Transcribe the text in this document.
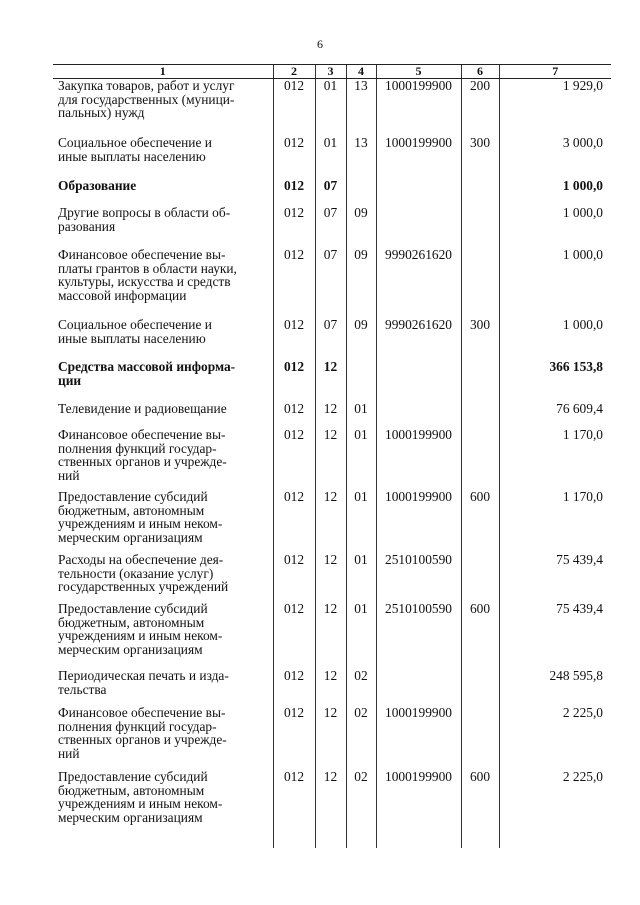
6
1	2	3	4	5	6	7

Закупка товаров, работ и услуг
для государственных (муници-
пальных) нужд	012	01	13	1000199900	200	1 929,0

Социальное обеспечение и
иные выплаты населению	012	01	13	1000199900	300	3 000,0

Образование	012	07				1 000,0

Другие вопросы в области об-
разования	012	07	09			1 000,0

Финансовое обеспечение вы-
платы грантов в области науки,
культуры, искусства и средств
массовой информации	012	07	09	9990261620		1 000,0

Социальное обеспечение и
иные выплаты населению	012	07	09	9990261620	300	1 000,0

Средства массовой информа-
ции	012	12				366 153,8

Телевидение и радиовещание	012	12	01			76 609,4

Финансовое обеспечение вы-
полнения функций государ-
ственных органов и учрежде-
ний	012	12	01	1000199900		1 170,0

Предоставление субсидий
бюджетным, автономным
учреждениям и иным неком-
мерческим организациям	012	12	01	1000199900	600	1 170,0

Расходы на обеспечение дея-
тельности (оказание услуг)
государственных учреждений	012	12	01	2510100590		75 439,4

Предоставление субсидий
бюджетным, автономным
учреждениям и иным неком-
мерческим организациям	012	12	01	2510100590	600	75 439,4

Периодическая печать и изда-
тельства	012	12	02			248 595,8

Финансовое обеспечение вы-
полнения функций государ-
ственных органов и учрежде-
ний	012	12	02	1000199900		2 225,0

Предоставление субсидий
бюджетным, автономным
учреждениям и иным неком-
мерческим организациям	012	12	02	1000199900	600	2 225,0
